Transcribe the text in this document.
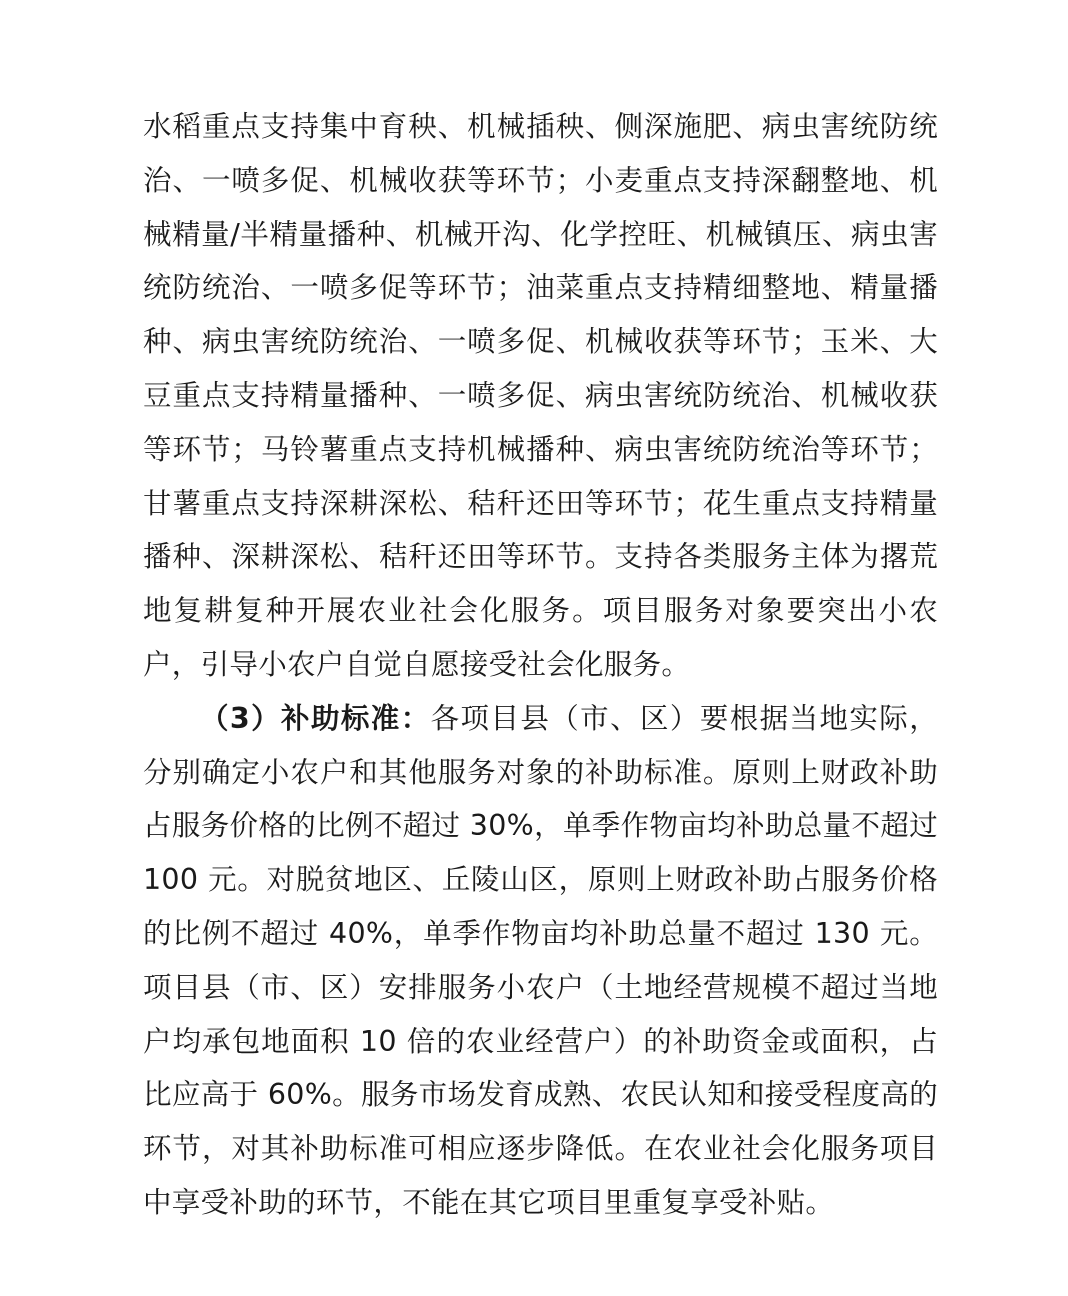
水稻重点支持集中育秧、机械插秧、侧深施肥、病虫害统防统治、一喷多促、机械收获等环节；小麦重点支持深翻整地、机械精量/半精量播种、机械开沟、化学控旺、机械镇压、病虫害统防统治、一喷多促等环节；油菜重点支持精细整地、精量播种、病虫害统防统治、一喷多促、机械收获等环节；玉米、大豆重点支持精量播种、一喷多促、病虫害统防统治、机械收获等环节；马铃薯重点支持机械播种、病虫害统防统治等环节；甘薯重点支持深耕深松、秸秆还田等环节；花生重点支持精量播种、深耕深松、秸秆还田等环节。支持各类服务主体为撂荒地复耕复种开展农业社会化服务。项目服务对象要突出小农户，引导小农户自觉自愿接受社会化服务。

（3）补助标准：各项目县（市、区）要根据当地实际，分别确定小农户和其他服务对象的补助标准。原则上财政补助占服务价格的比例不超过 30%，单季作物亩均补助总量不超过 100 元。对脱贫地区、丘陵山区，原则上财政补助占服务价格的比例不超过 40%，单季作物亩均补助总量不超过 130 元。项目县（市、区）安排服务小农户（土地经营规模不超过当地户均承包地面积 10 倍的农业经营户）的补助资金或面积，占比应高于 60%。服务市场发育成熟、农民认知和接受程度高的环节，对其补助标准可相应逐步降低。在农业社会化服务项目中享受补助的环节，不能在其它项目里重复享受补贴。
